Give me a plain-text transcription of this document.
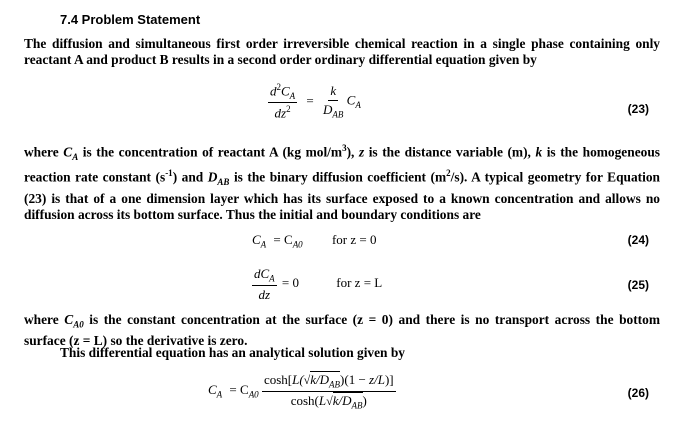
7.4 Problem Statement
The diffusion and simultaneous first order irreversible chemical reaction in a single phase containing only reactant A and product B results in a second order ordinary differential equation given by
$\frac{d^2C_A}{dz^2} = \frac{k}{D_{AB}} C_A$	(23)
where $C_A$ is the concentration of reactant A (kg mol/$m^3$), z is the distance variable (m), k is the homogeneous reaction rate constant $(s^{-1})$ and $D_{AB}$ is the binary diffusion coefficient $(m^2/s)$. A typical geometry for Equation (23) is that of a one dimension layer which has its surface exposed to a known concentration and allows no diffusion across its bottom surface. Thus the initial and boundary conditions are
$C_A = C_{A0}$ for z = 0	(24)
$\frac{dC_A}{dz} = 0$	for z = L	(25)
where $C_{A0}$ is the constant concentration at the surface (z = 0) and there is no transport across the bottom surface (z = L) so the derivative is zero.
This differential equation has an analytical solution given by
$C_A = C_{A0} \frac{\cosh[L(√k/D_{AB})(1 - z/L)]}{\cosh(L√k/D_{AB})}$	(26)
